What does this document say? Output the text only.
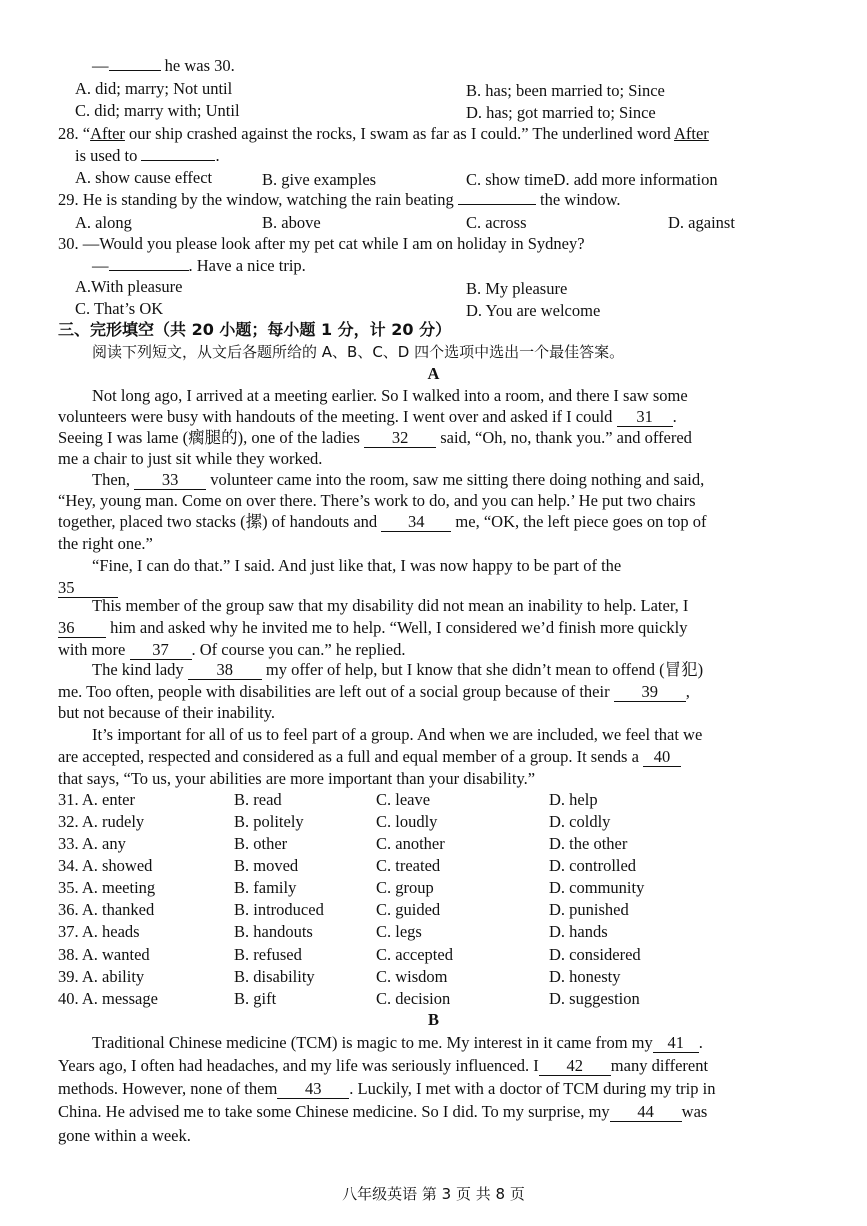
—	he was 30.
A. did; marry; Not until	B. has; been married to; Since
C. did; marry with; Until	D. has; got married to; Since
28. “After our ship crashed against the rocks, I swam as far as I could.” The underlined word After
is used to	.
A. show cause effect	B. give examples	C. show timeD. add more information
29. He is standing by the window, watching the rain beating	the window.
A. along	B. above	C. across	D. against
30. —Would you please look after my pet cat while I am on holiday in Sydney?
—	. Have a nice trip.
A.With pleasure	B. My pleasure
C. That’s OK	D. You are welcome
三、完形填空（共 20 小题；每小题 1 分，计 20 分）
阅读下列短文，从文后各题所给的 A、B、C、D 四个选项中选出一个最佳答案。
A
Not long ago, I arrived at a meeting earlier. So I walked into a room, and there I saw some
volunteers were busy with handouts of the meeting. I went over and asked if I could 31 .
Seeing I was lame (瘸腿的), one of the ladies 32 said, “Oh, no, thank you.” and offered
me a chair to just sit while they worked.
Then, 33 volunteer came into the room, saw me sitting there doing nothing and said,
“Hey, young man. Come on over there. There’s work to do, and you can help.’ He put two chairs
together, placed two stacks (摞) of handouts and 34 me, “OK, the left piece goes on top of
the right one.”
“Fine, I can do that.” I said. And just like that, I was now happy to be part of the
35
This member of the group saw that my disability did not mean an inability to help. Later, I
36 him and asked why he invited me to help. “Well, I considered we’d finish more quickly
with more 37 . Of course you can.” he replied.
The kind lady 38 my offer of help, but I know that she didn’t mean to offend (冒犯)
me. Too often, people with disabilities are left out of a social group because of their 39 ,
but not because of their inability.
It’s important for all of us to feel part of a group. And when we are included, we feel that we
are accepted, respected and considered as a full and equal member of a group. It sends a 40
that says, “To us, your abilities are more important than your disability.”
31. A. enter	B. read	C. leave	D. help
32. A. rudely	B. politely	C. loudly	D. coldly
33. A. any	B. other	C. another	D. the other
34. A. showed	B. moved	C. treated	D. controlled
35. A. meeting	B. family	C. group	D. community
36. A. thanked	B. introduced	C. guided	D. punished
37. A. heads	B. handouts	C. legs	D. hands
38. A. wanted	B. refused	C. accepted	D. considered
39. A. ability	B. disability	C. wisdom	D. honesty
40. A. message	B. gift	C. decision	D. suggestion
B
Traditional Chinese medicine (TCM) is magic to me. My interest in it came from my 41 .
Years ago, I often had headaches, and my life was seriously influenced. I 42 many different
methods. However, none of them 43 . Luckily, I met with a doctor of TCM during my trip in
China. He advised me to take some Chinese medicine. So I did. To my surprise, my 44 was
gone within a week.
八年级英语 第 3 页 共 8 页
